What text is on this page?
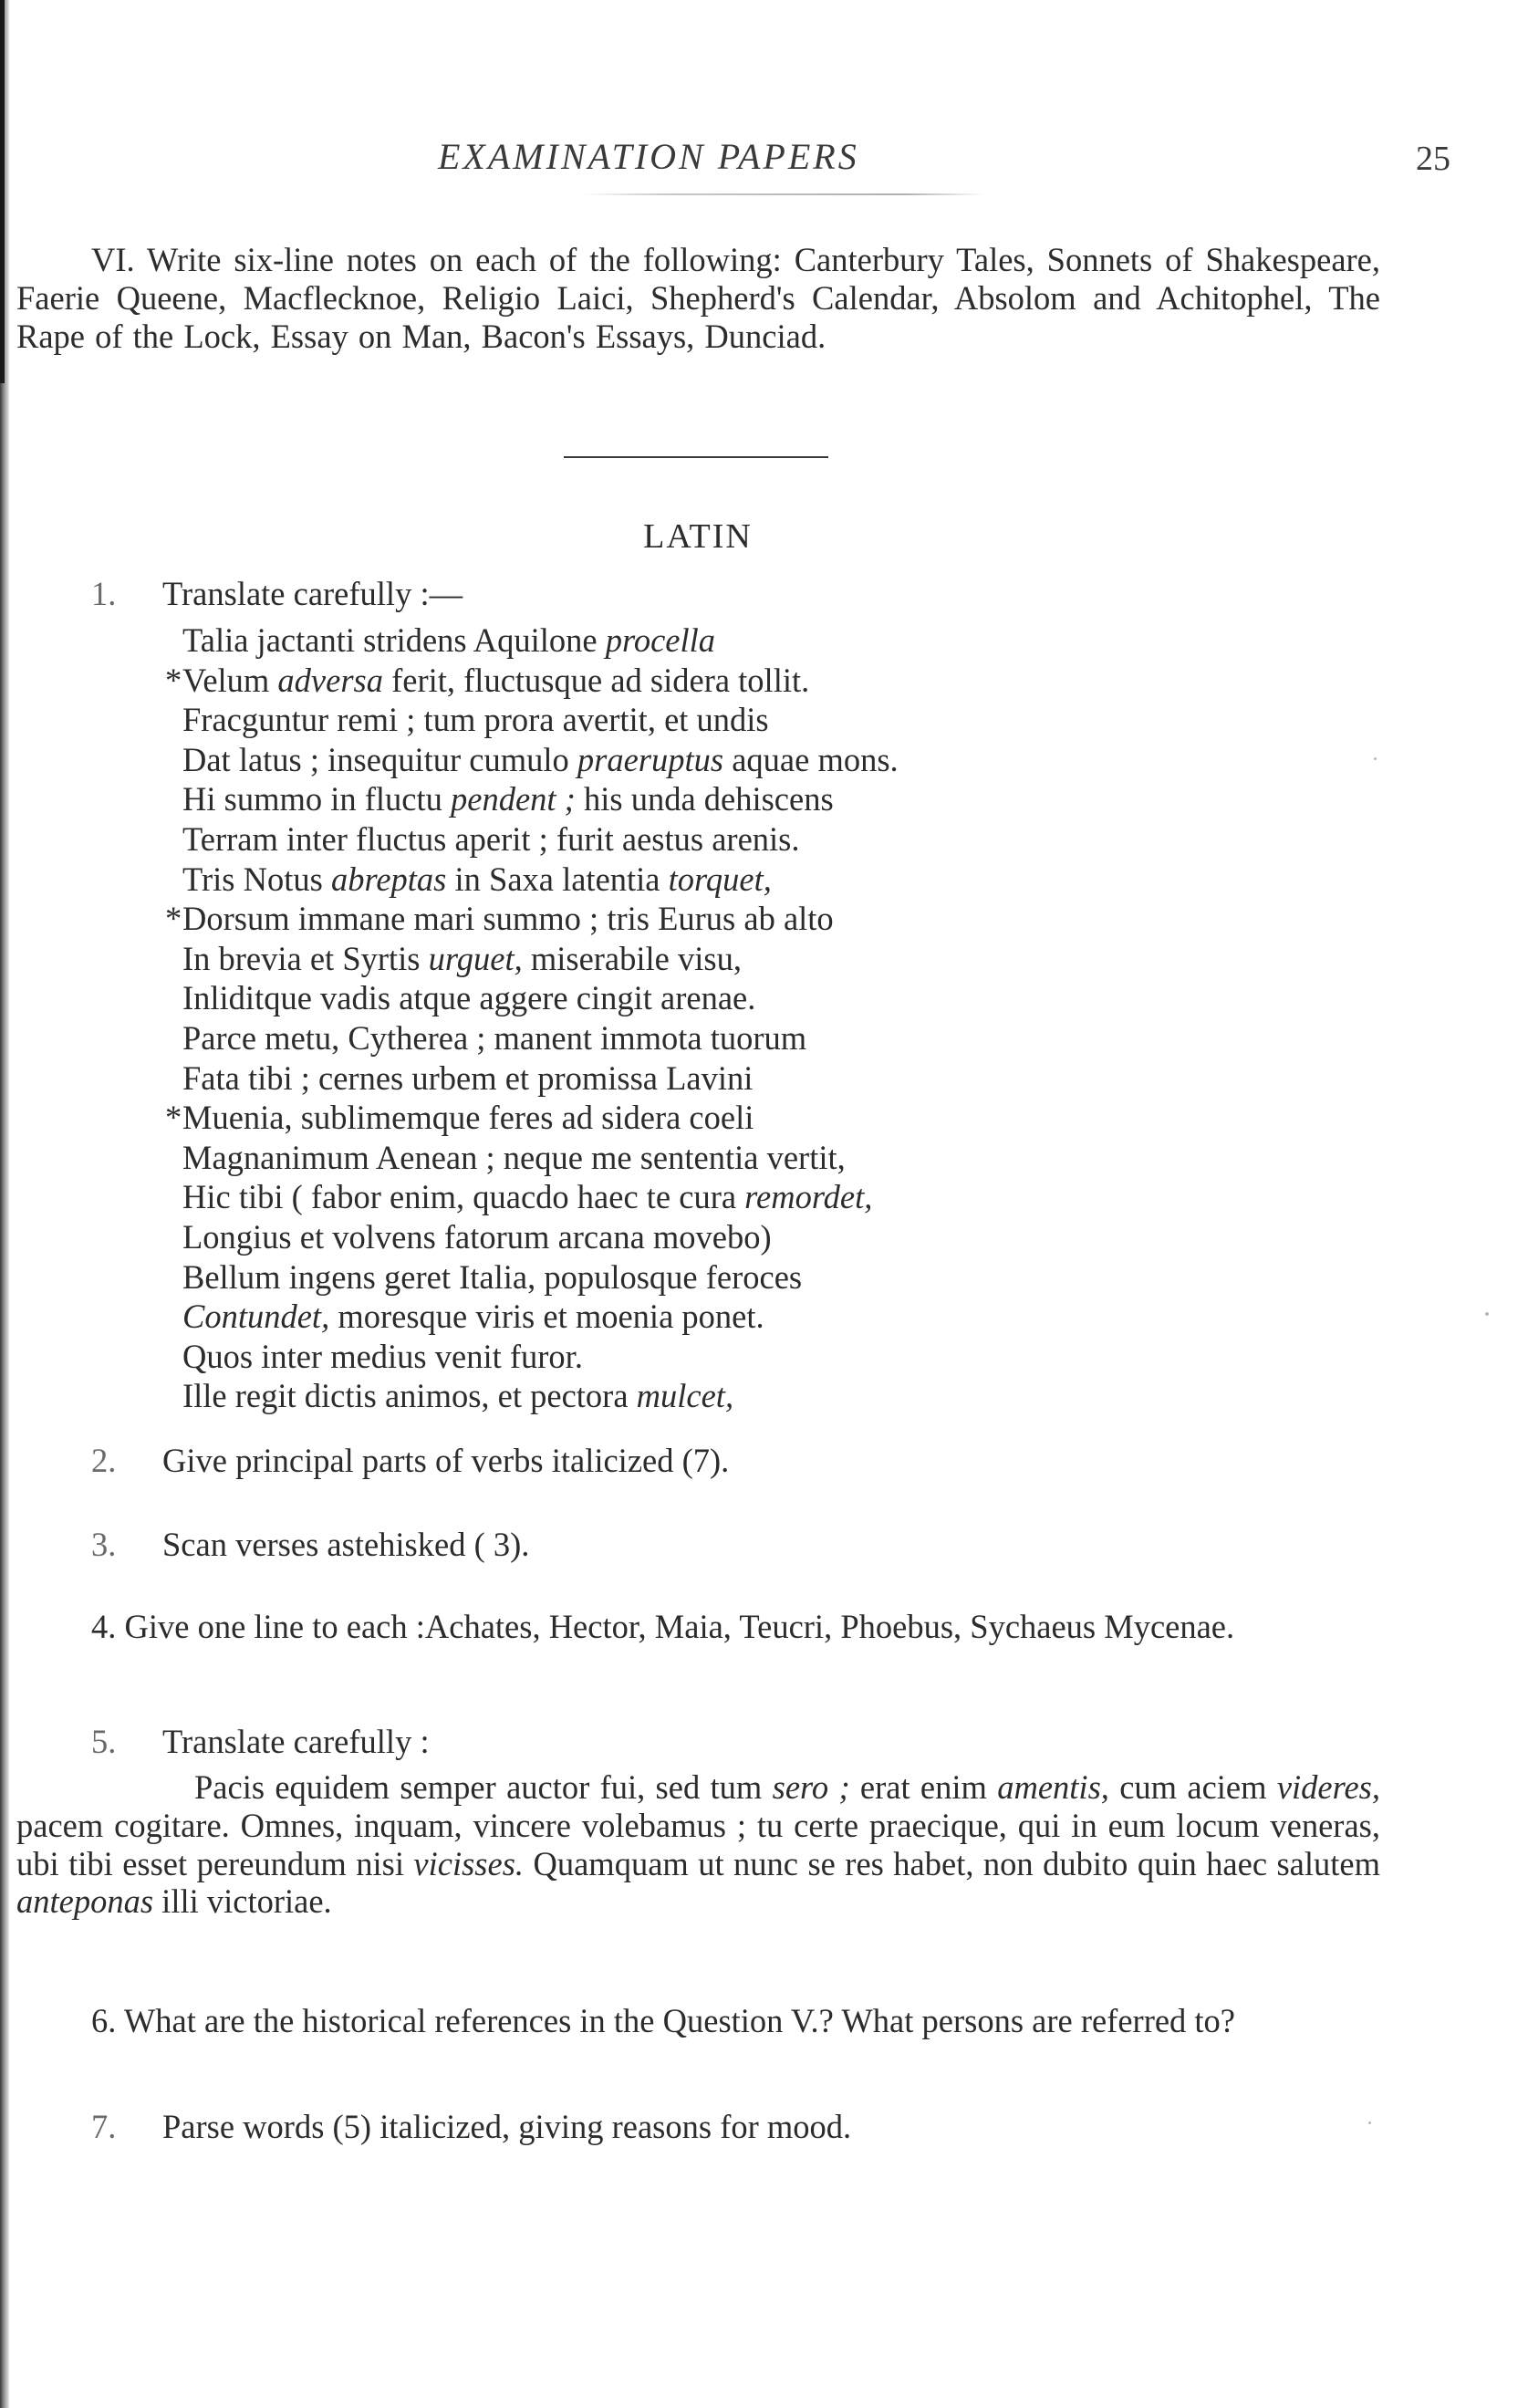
EXAMINATION PAPERS	25
VI. Write six-line notes on each of the following: Canterbury Tales, Sonnets of Shakespeare, Faerie Queene, Macflecknoe, Religio Laici, Shepherd's Calendar, Absolom and Achitophel, The Rape of the Lock, Essay on Man, Bacon's Essays, Dunciad.
LATIN
1. Translate carefully :—
Talia jactanti stridens Aquilone procella
* Velum adversa ferit, fluctusque ad sidera tollit.
Fracguntur remi ; tum prora avertit, et undis
Dat latus ; insequitur cumulo praeruptus aquae mons.
Hi summo in fluctu pendent ; his unda dehiscens
Terram inter fluctus aperit ; furit aestus arenis.
Tris Notus abreptas in Saxa latentia torquet,
* Dorsum immane mari summo ; tris Eurus ab alto
In brevia et Syrtis urguet, miserabile visu,
Inliditque vadis atque aggere cingit arenae.
Parce metu, Cytherea ; manent immota tuorum
Fata tibi ; cernes urbem et promissa Lavini
* Muenia, sublimemque feres ad sidera coeli
Magnanimum Aenean ; neque me sententia vertit,
Hic tibi ( fabor enim, quacdo haec te cura remordet,
Longius et volvens fatorum arcana movebo)
Bellum ingens geret Italia, populosque feroces
Contundet, moresque viris et moenia ponet.
Quos inter medius venit furor.
Ille regit dictis animos, et pectora mulcet,
2. Give principal parts of verbs italicized (7).
3. Scan verses astehisked ( 3).
4. Give one line to each :Achates, Hector, Maia, Teucri, Phoebus, Sychaeus Mycenae.
5. Translate carefully :
Pacis equidem semper auctor fui, sed tum sero ; erat enim amentis, cum aciem videres, pacem cogitare. Omnes, inquam, vincere volebamus ; tu certe praecique, qui in eum locum veneras, ubi tibi esset pereundum nisi vicisses. Quamquam ut nunc se res habet, non dubito quin haec salutem anteponas illi victoriae.
6. What are the historical references in the Question V.? What persons are referred to?
7. Parse words (5) italicized, giving reasons for mood.
